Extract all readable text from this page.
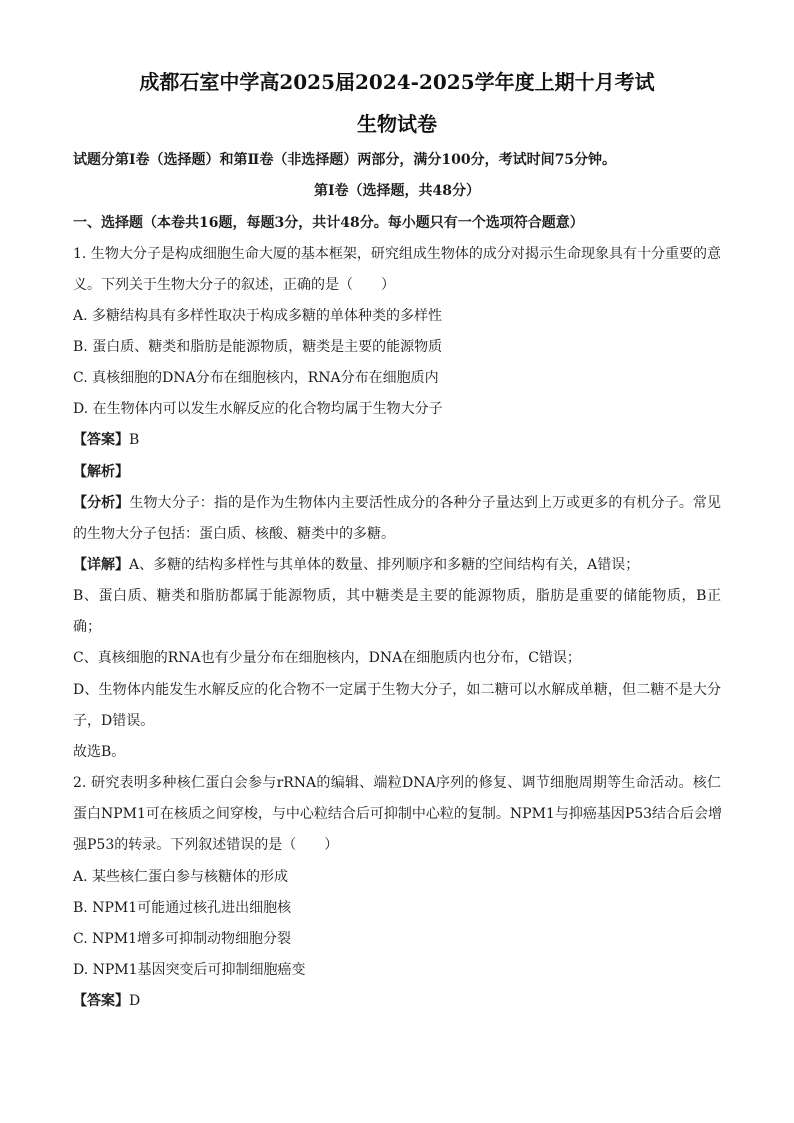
成都石室中学高2025届2024-2025学年度上期十月考试
生物试卷
试题分第Ⅰ卷（选择题）和第Ⅱ卷（非选择题）两部分，满分100分，考试时间75分钟。
第Ⅰ卷（选择题，共48分）
一、选择题（本卷共16题，每题3分，共计48分。每小题只有一个选项符合题意）
1. 生物大分子是构成细胞生命大厦的基本框架，研究组成生物体的成分对揭示生命现象具有十分重要的意
义。下列关于生物大分子的叙述，正确的是（　　）
A. 多糖结构具有多样性取决于构成多糖的单体种类的多样性
B. 蛋白质、糖类和脂肪是能源物质，糖类是主要的能源物质
C. 真核细胞的DNA分布在细胞核内，RNA分布在细胞质内
D. 在生物体内可以发生水解反应的化合物均属于生物大分子
【答案】B
【解析】
【分析】生物大分子：指的是作为生物体内主要活性成分的各种分子量达到上万或更多的有机分子。常见
的生物大分子包括：蛋白质、核酸、糖类中的多糖。
【详解】A、多糖的结构多样性与其单体的数量、排列顺序和多糖的空间结构有关，A错误；
B、蛋白质、糖类和脂肪都属于能源物质，其中糖类是主要的能源物质，脂肪是重要的储能物质，B正
确；
C、真核细胞的RNA也有少量分布在细胞核内，DNA在细胞质内也分布，C错误；
D、生物体内能发生水解反应的化合物不一定属于生物大分子，如二糖可以水解成单糖，但二糖不是大分
子，D错误。
故选B。
2. 研究表明多种核仁蛋白会参与rRNA的编辑、端粒DNA序列的修复、调节细胞周期等生命活动。核仁
蛋白NPM1可在核质之间穿梭，与中心粒结合后可抑制中心粒的复制。NPM1与抑癌基因P53结合后会增
强P53的转录。下列叙述错误的是（　　）
A. 某些核仁蛋白参与核糖体的形成
B. NPM1可能通过核孔进出细胞核
C. NPM1增多可抑制动物细胞分裂
D. NPM1基因突变后可抑制细胞癌变
【答案】D
